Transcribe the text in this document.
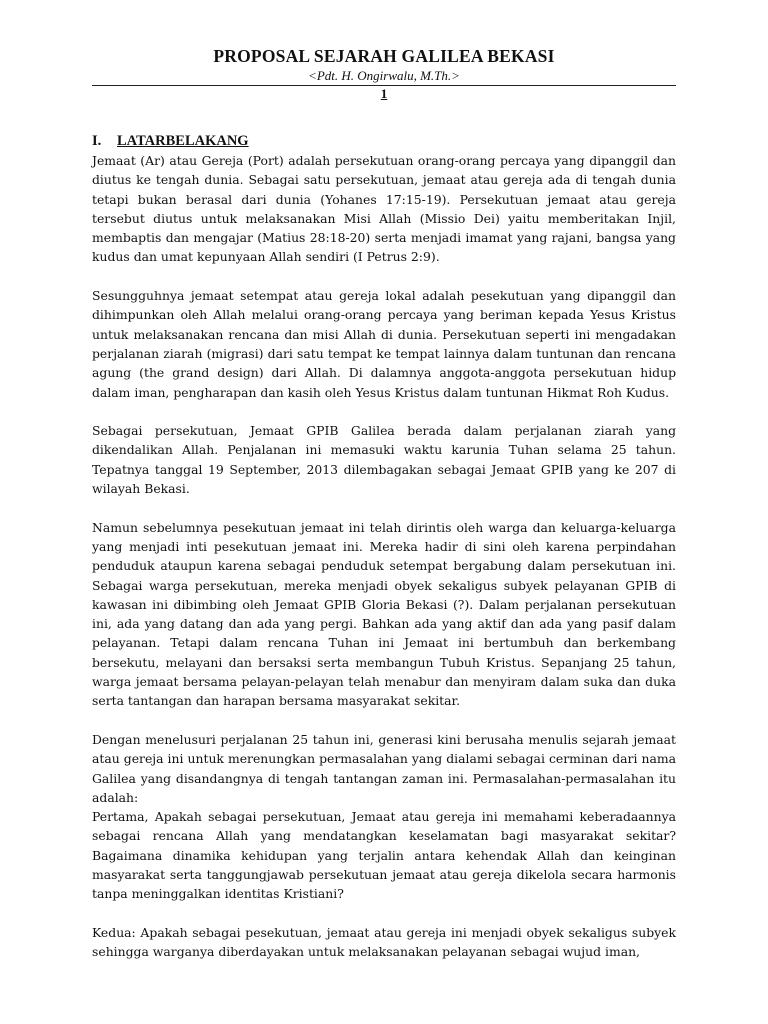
PROPOSAL SEJARAH GALILEA BEKASI

<Pdt. H. Ongirwalu, M.Th.>

1

I.	LATARBELAKANG

Jemaat (Ar) atau Gereja (Port) adalah persekutuan orang-orang percaya yang dipanggil dan diutus ke tengah dunia. Sebagai satu persekutuan, jemaat atau gereja ada di tengah dunia tetapi bukan berasal dari dunia (Yohanes 17:15-19). Persekutuan jemaat atau gereja tersebut diutus untuk melaksanakan Misi Allah (Missio Dei) yaitu memberitakan Injil, membaptis dan mengajar (Matius 28:18-20) serta menjadi imamat yang rajani, bangsa yang kudus dan umat kepunyaan Allah sendiri (I Petrus 2:9).

Sesungguhnya jemaat setempat atau gereja lokal adalah pesekutuan yang dipanggil dan dihimpunkan oleh Allah melalui orang-orang percaya yang beriman kepada Yesus Kristus untuk melaksanakan rencana dan misi Allah di dunia. Persekutuan seperti ini mengadakan perjalanan ziarah (migrasi) dari satu tempat ke tempat lainnya dalam tuntunan dan rencana agung (the grand design) dari Allah. Di dalamnya anggota-anggota persekutuan hidup dalam iman, pengharapan dan kasih oleh Yesus Kristus dalam tuntunan Hikmat Roh Kudus.

Sebagai persekutuan, Jemaat GPIB Galilea berada dalam perjalanan ziarah yang dikendalikan Allah. Penjalanan ini memasuki waktu karunia Tuhan selama 25 tahun. Tepatnya tanggal 19 September, 2013 dilembagakan sebagai Jemaat GPIB yang ke 207 di wilayah Bekasi.

Namun sebelumnya pesekutuan jemaat ini telah dirintis oleh warga dan keluarga-keluarga yang menjadi inti pesekutuan jemaat ini. Mereka hadir di sini oleh karena perpindahan penduduk ataupun karena sebagai penduduk setempat bergabung dalam persekutuan ini. Sebagai warga persekutuan, mereka menjadi obyek sekaligus subyek pelayanan GPIB di kawasan ini dibimbing oleh Jemaat GPIB Gloria Bekasi (?). Dalam perjalanan persekutuan ini, ada yang datang dan ada yang pergi. Bahkan ada yang aktif dan ada yang pasif dalam pelayanan. Tetapi dalam rencana Tuhan ini Jemaat ini bertumbuh dan berkembang bersekutu, melayani dan bersaksi serta membangun Tubuh Kristus. Sepanjang 25 tahun, warga jemaat bersama pelayan-pelayan telah menabur dan menyiram dalam suka dan duka serta tantangan dan harapan bersama masyarakat sekitar.

Dengan menelusuri perjalanan 25 tahun ini, generasi kini berusaha menulis sejarah jemaat atau gereja ini untuk merenungkan permasalahan yang dialami sebagai cerminan dari nama Galilea yang disandangnya di tengah tantangan zaman ini. Permasalahan-permasalahan itu adalah:

Pertama, Apakah sebagai persekutuan, Jemaat atau gereja ini memahami keberadaannya sebagai rencana Allah yang mendatangkan keselamatan bagi masyarakat sekitar? Bagaimana dinamika kehidupan yang terjalin antara kehendak Allah dan keinginan masyarakat serta tanggungjawab persekutuan jemaat atau gereja dikelola secara harmonis tanpa meninggalkan identitas Kristiani?

Kedua: Apakah sebagai pesekutuan, jemaat atau gereja ini menjadi obyek sekaligus subyek sehingga warganya diberdayakan untuk melaksanakan pelayanan sebagai wujud iman,
